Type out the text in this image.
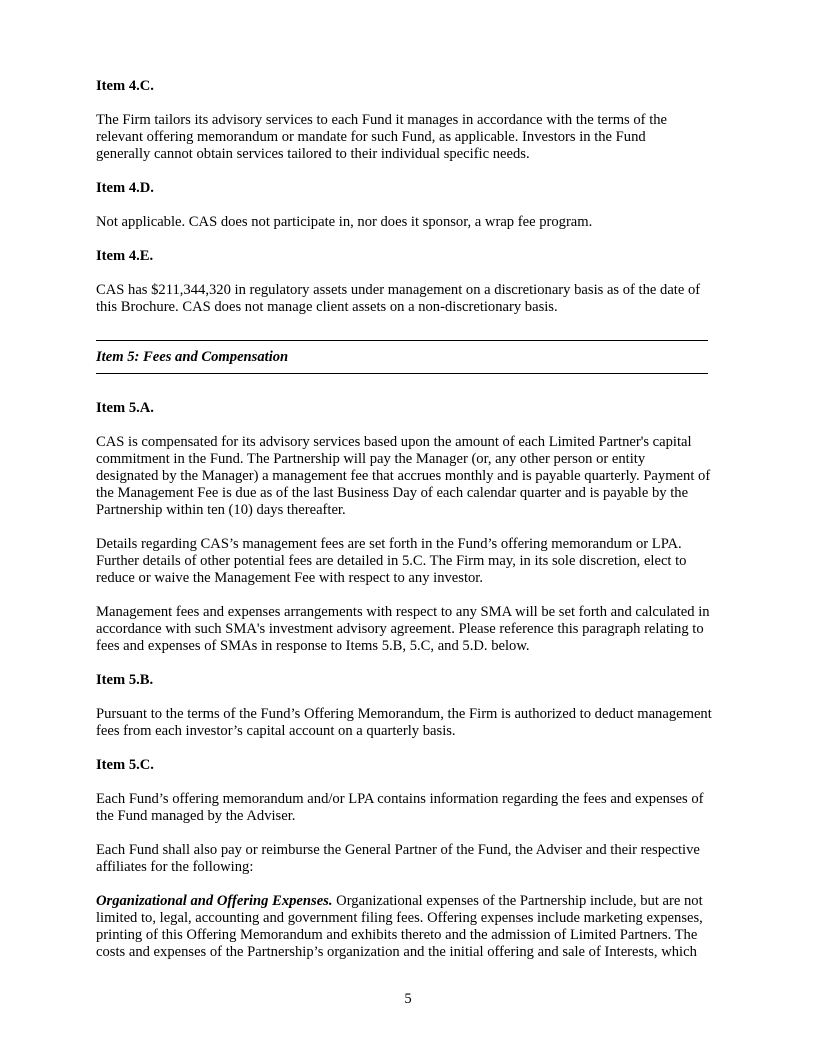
Item 4.C.

The Firm tailors its advisory services to each Fund it manages in accordance with the terms of the

relevant offering memorandum or mandate for such Fund, as applicable. Investors in the Fund

generally cannot obtain services tailored to their individual specific needs.

Item 4.D.

Not applicable. CAS does not participate in, nor does it sponsor, a wrap fee program.

Item 4.E.

CAS has $211,344,320 in regulatory assets under management on a discretionary basis as of the date of

this Brochure. CAS does not manage client assets on a non-discretionary basis.

Item 5: Fees and Compensation

Item 5.A.

CAS is compensated for its advisory services based upon the amount of each Limited Partner's capital

commitment in the Fund. The Partnership will pay the Manager (or, any other person or entity

designated by the Manager) a management fee that accrues monthly and is payable quarterly. Payment of

the Management Fee is due as of the last Business Day of each calendar quarter and is payable by the

Partnership within ten (10) days thereafter.

Details regarding CAS’s management fees are set forth in the Fund’s offering memorandum or LPA.

Further details of other potential fees are detailed in 5.C. The Firm may, in its sole discretion, elect to

reduce or waive the Management Fee with respect to any investor.

Management fees and expenses arrangements with respect to any SMA will be set forth and calculated in

accordance with such SMA's investment advisory agreement. Please reference this paragraph relating to

fees and expenses of SMAs in response to Items 5.B, 5.C, and 5.D. below.

Item 5.B.

Pursuant to the terms of the Fund’s Offering Memorandum, the Firm is authorized to deduct management

fees from each investor’s capital account on a quarterly basis.

Item 5.C.

Each Fund’s offering memorandum and/or LPA contains information regarding the fees and expenses of

the Fund managed by the Adviser.

Each Fund shall also pay or reimburse the General Partner of the Fund, the Adviser and their respective

affiliates for the following:

Organizational and Offering Expenses. Organizational expenses of the Partnership include, but are not

limited to, legal, accounting and government filing fees. Offering expenses include marketing expenses,

printing of this Offering Memorandum and exhibits thereto and the admission of Limited Partners. The

costs and expenses of the Partnership’s organization and the initial offering and sale of Interests, which

5
